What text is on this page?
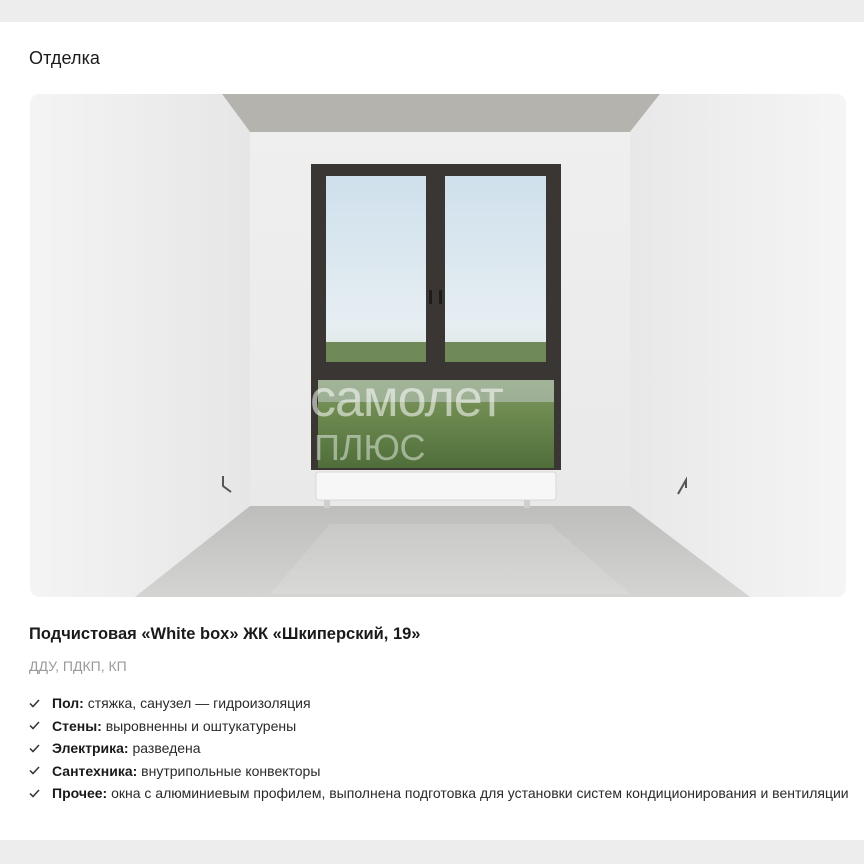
Отделка
самолет
ПЛЮС
Подчистовая «White box» ЖК «Шкиперский, 19»
ДДУ, ПДКП, КП
Пол: стяжка, санузел — гидроизоляция
Стены: выровненны и оштукатурены
Электрика: разведена
Сантехника: внутрипольные конвекторы
Прочее: окна с алюминиевым профилем, выполнена подготовка для установки систем кондиционирования и вентиляции
